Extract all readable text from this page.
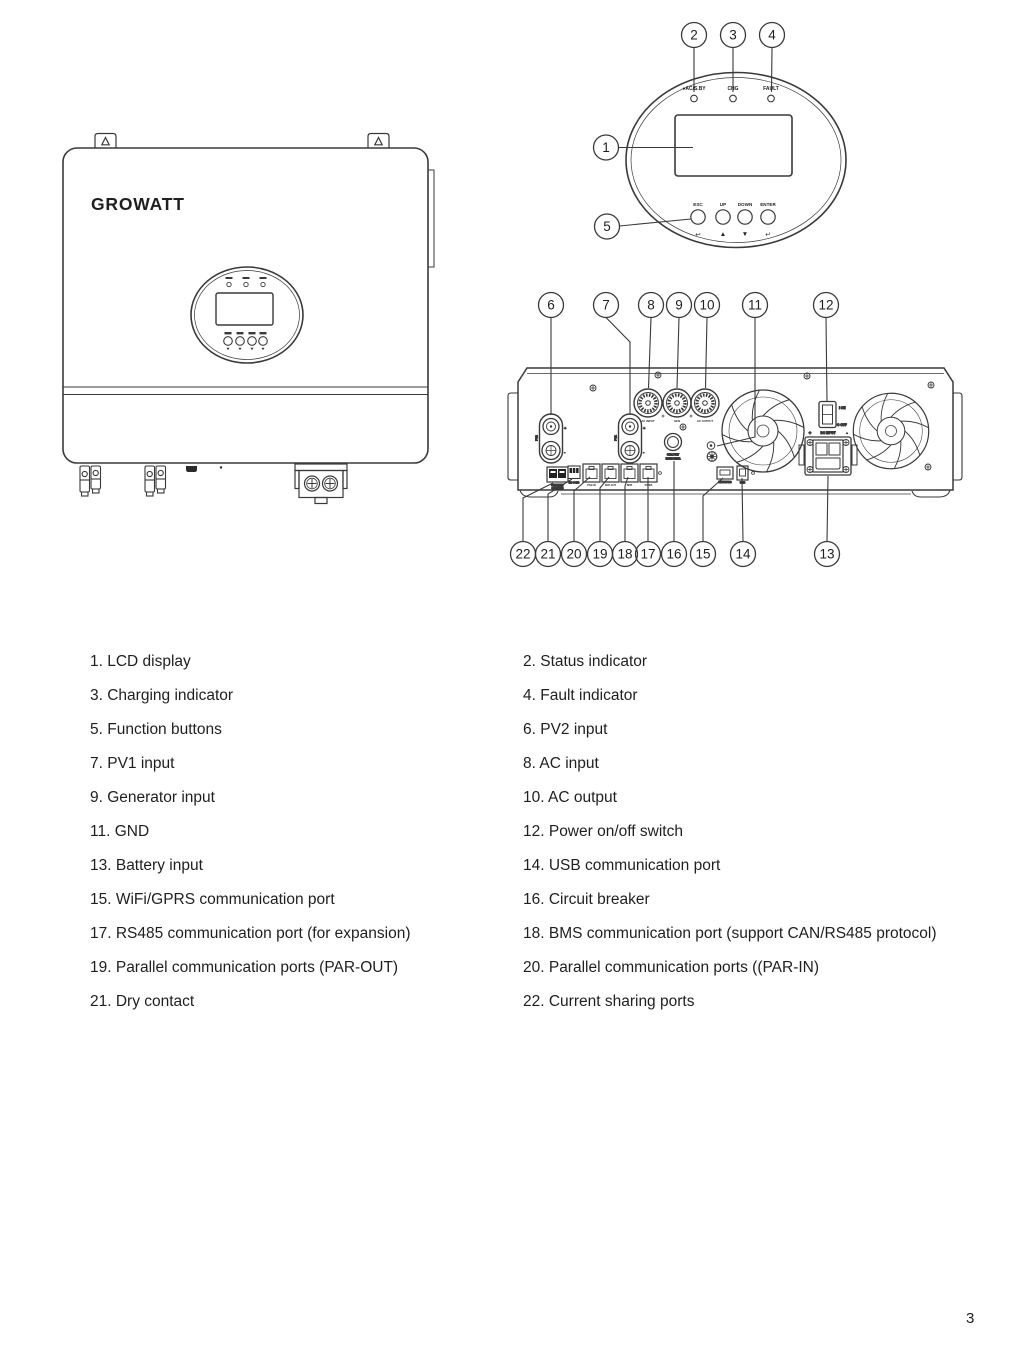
GROWATT
2 3 4
1
5
●AC/S.BY	CHG	FAULT
ESC	UP	DOWN ENTER
↩	▲ ▼	↵
AC INPUT	GEN	AC OUTPUT
PV2
+
-
PV1
+
-	CIRCUIT
BREAKER
I ON
O OFF
+	DC INPUT -
CURRENT
SHARING
NC C NO
PAR-IN	PAR-OUT	BMS	RS485
WIFI/GPRS	USB
6	7	8 9 10 11	12
22 21 20 19 18 17 16 15 14	13
1. LCD display	2. Status indicator
3. Charging indicator	4. Fault indicator
5. Function buttons	6. PV2 input
7. PV1 input	8. AC input
9. Generator input	10. AC output
11. GND	12. Power on/off switch
13. Battery input	14. USB communication port
15. WiFi/GPRS communication port	16. Circuit breaker
17. RS485 communication port (for expansion)	18. BMS communication port (support CAN/RS485 protocol)
19. Parallel communication ports (PAR-OUT)	20. Parallel communication ports ((PAR-IN)
21. Dry contact	22. Current sharing ports
3
